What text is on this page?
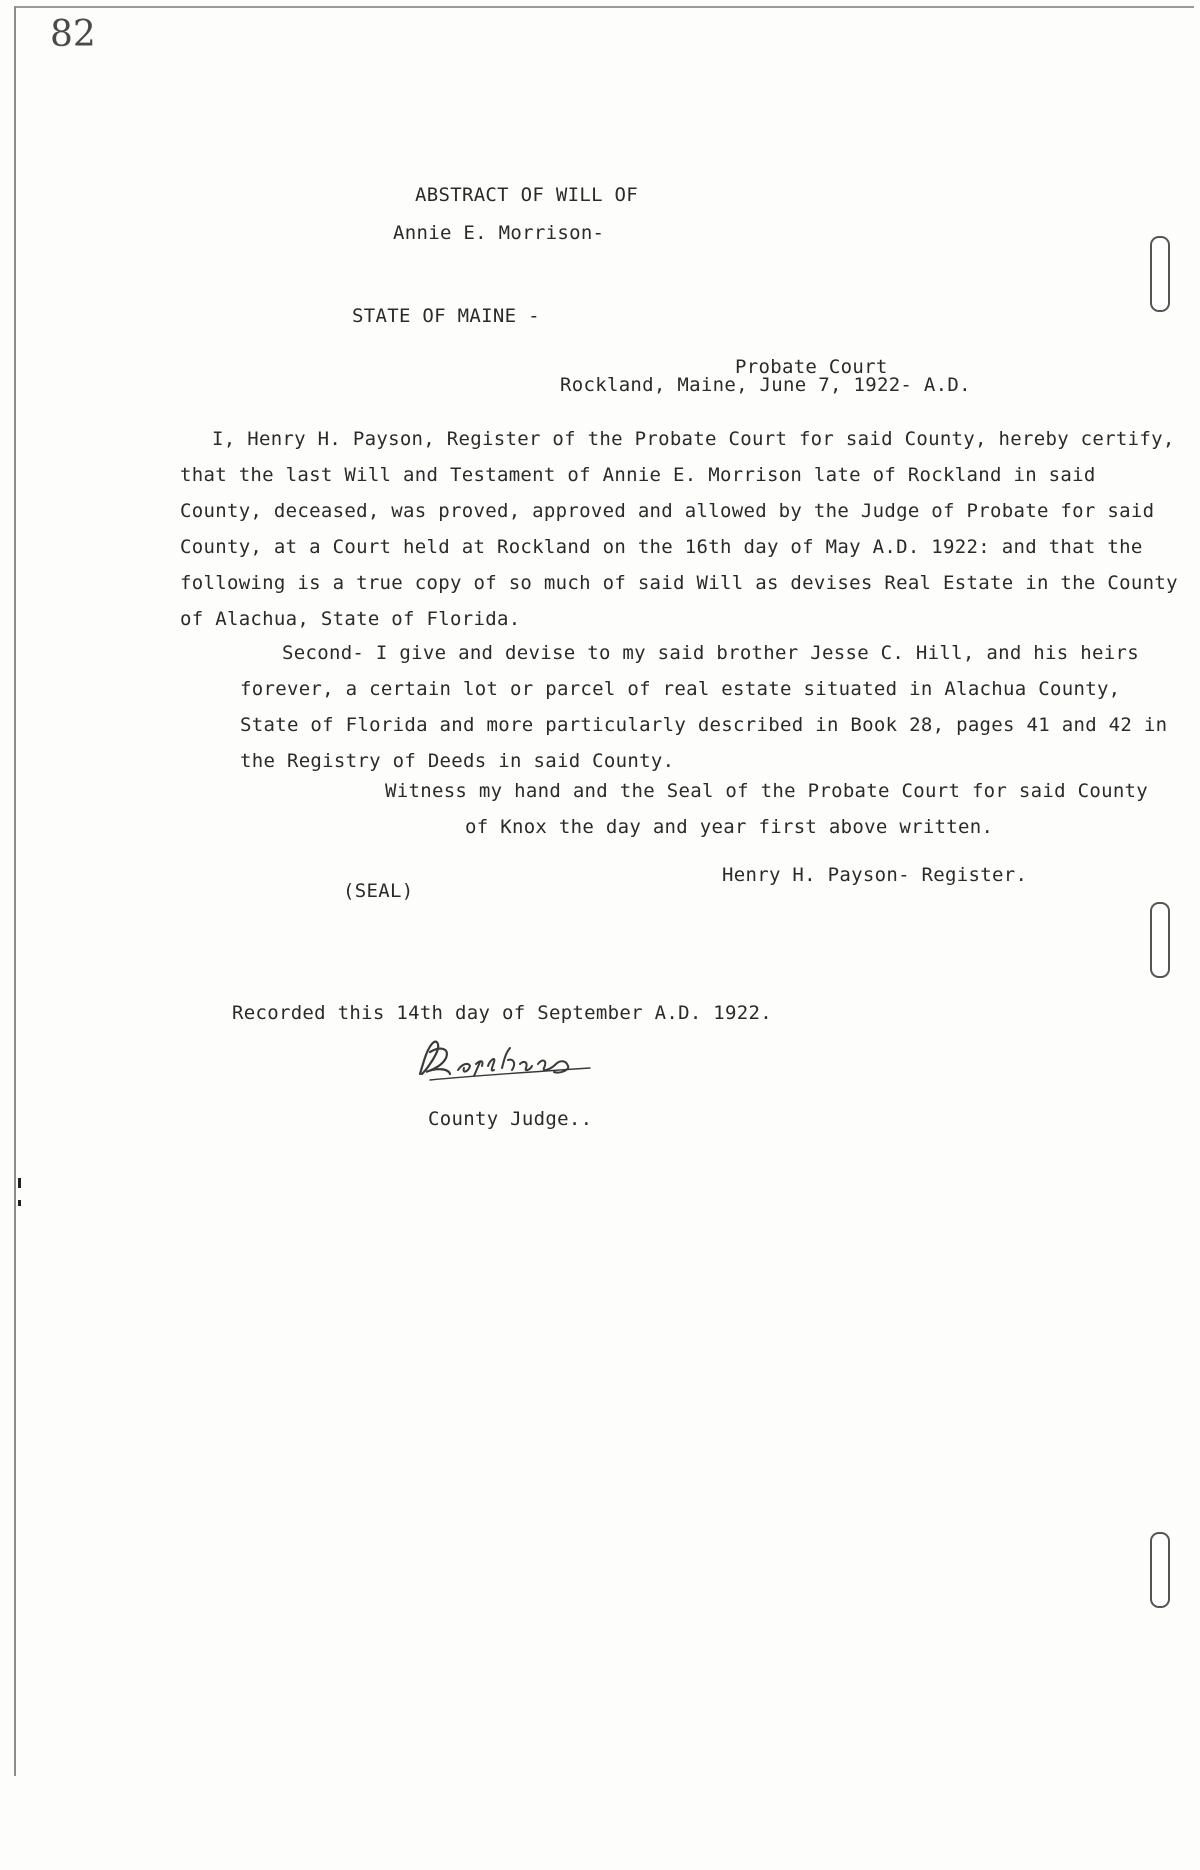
82
ABSTRACT OF WILL OF
Annie E. Morrison-
STATE OF MAINE -
Probate Court
Rockland, Maine, June 7, 1922- A.D.
I, Henry H. Payson, Register of the Probate Court for said County, hereby certify,
that the last Will and Testament of Annie E. Morrison late of Rockland in said
County, deceased, was proved, approved and allowed by the Judge of Probate for said
County, at a Court held at Rockland on the 16th day of May A.D. 1922: and that the
following is a true copy of so much of said Will as devises Real Estate in the County
of Alachua, State of Florida.
Second- I give and devise to my said brother Jesse C. Hill, and his heirs
forever, a certain lot or parcel of real estate situated in Alachua County,
State of Florida and more particularly described in Book 28, pages 41 and 42 in
the Registry of Deeds in said County.
Witness my hand and the Seal of the Probate Court for said County
of Knox the day and year first above written.
Henry H. Payson- Register.
(SEAL)
Recorded this 14th day of September A.D. 1922.
County Judge..
